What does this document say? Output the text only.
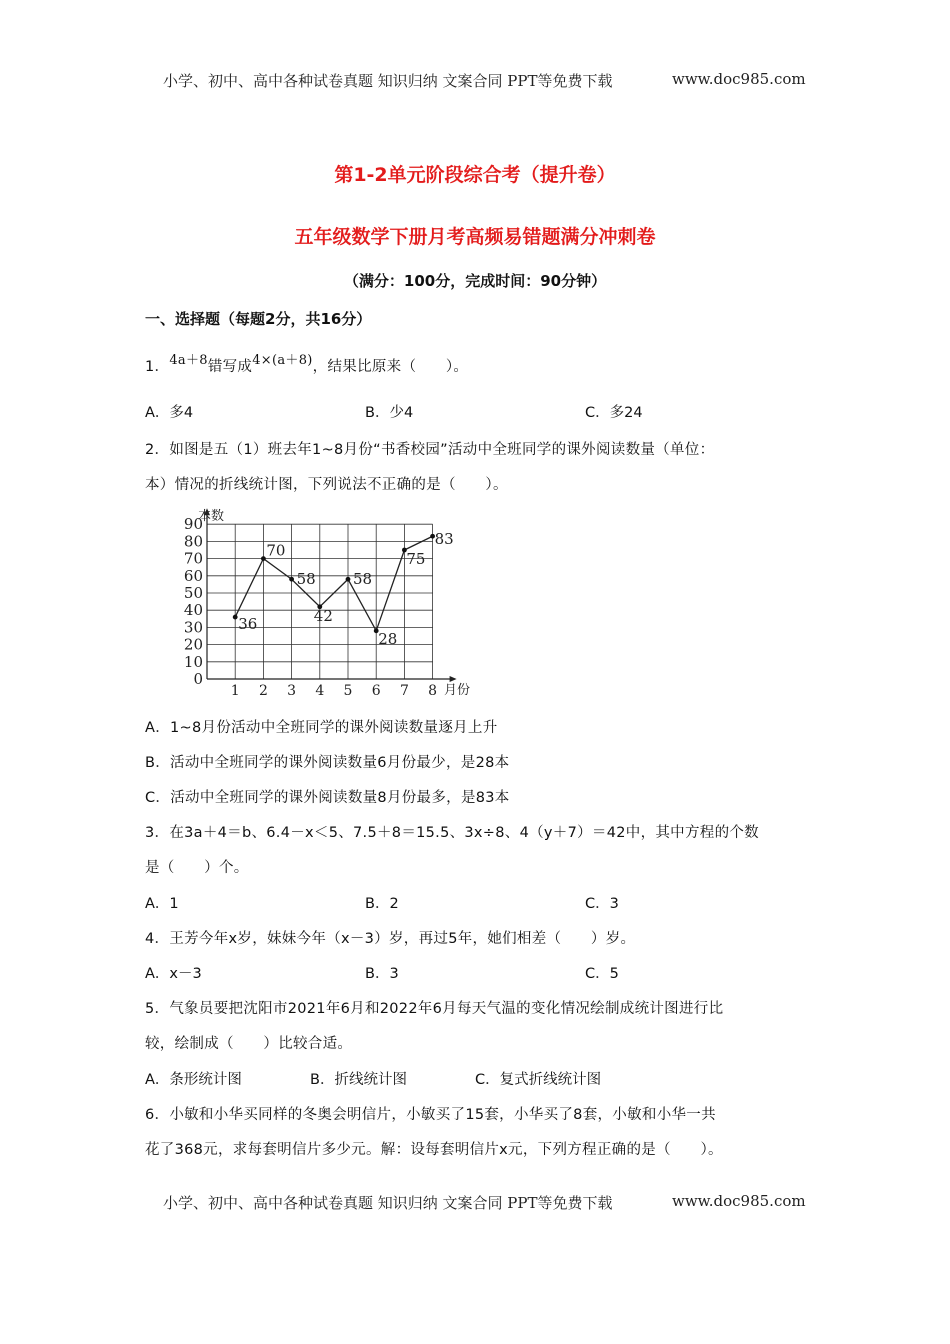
小学、初中、高中各种试卷真题 知识归纳 文案合同 PPT等免费下载	www.doc985.com
第1-2单元阶段综合考（提升卷）
五年级数学下册月考高频易错题满分冲刺卷
（满分：100分，完成时间：90分钟）
一、选择题（每题2分，共16分）
1．4a＋8错写成4×(a＋8)，结果比原来（　　）。
A．多4	B．少4	C．多24
2．如图是五（1）班去年1~8月份“书香校园”活动中全班同学的课外阅读数量（单位：
本）情况的折线统计图，下列说法不正确的是（　　）。
0
10
20
30
40
50
60
70
80
90
1 2 3 4 5 6 7 8
36
70
58
42
58
28
75
83
本数
月份
A．1~8月份活动中全班同学的课外阅读数量逐月上升
B．活动中全班同学的课外阅读数量6月份最少，是28本
C．活动中全班同学的课外阅读数量8月份最多，是83本
3．在3a＋4＝b、6.4－x＜5、7.5＋8＝15.5、3x÷8、4（y＋7）＝42中，其中方程的个数
是（　　）个。
A．1	B．2	C．3
4．王芳今年x岁，妹妹今年（x－3）岁，再过5年，她们相差（　　）岁。
A．x－3	B．3	C．5
5．气象员要把沈阳市2021年6月和2022年6月每天气温的变化情况绘制成统计图进行比
较，绘制成（　　）比较合适。
A．条形统计图	B．折线统计图	C．复式折线统计图
6．小敏和小华买同样的冬奥会明信片，小敏买了15套，小华买了8套，小敏和小华一共
花了368元，求每套明信片多少元。解：设每套明信片x元，下列方程正确的是（　　）。
小学、初中、高中各种试卷真题 知识归纳 文案合同 PPT等免费下载	www.doc985.com
